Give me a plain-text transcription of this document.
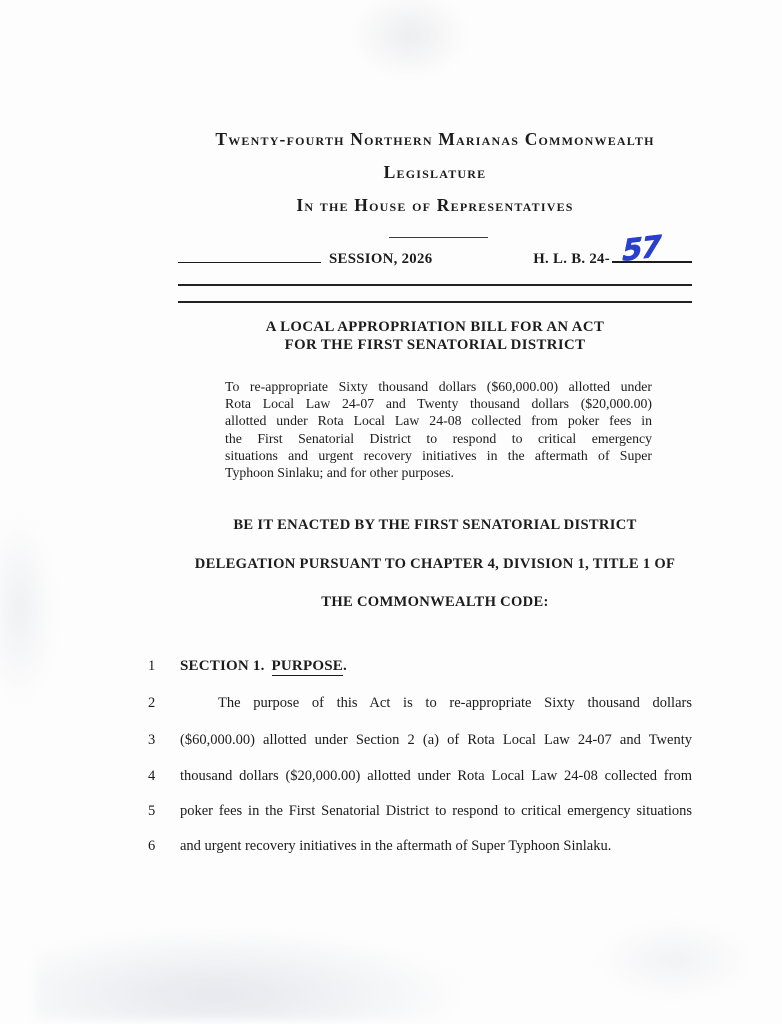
Twenty-fourth Northern Marianas Commonwealth
Legislature
In the House of Representatives
SESSION, 2026	H. L. B. 24- 57
A LOCAL APPROPRIATION BILL FOR AN ACT
FOR THE FIRST SENATORIAL DISTRICT
To re-appropriate Sixty thousand dollars ($60,000.00) allotted under
Rota Local Law 24-07 and Twenty thousand dollars ($20,000.00)
allotted under Rota Local Law 24-08 collected from poker fees in
the First Senatorial District to respond to critical emergency
situations and urgent recovery initiatives in the aftermath of Super
Typhoon Sinlaku; and for other purposes.
BE IT ENACTED BY THE FIRST SENATORIAL DISTRICT
DELEGATION PURSUANT TO CHAPTER 4, DIVISION 1, TITLE 1 OF
THE COMMONWEALTH CODE:
1	SECTION 1. PURPOSE.
2	The purpose of this Act is to re-appropriate Sixty thousand dollars
3	($60,000.00) allotted under Section 2 (a) of Rota Local Law 24-07 and Twenty
4	thousand dollars ($20,000.00) allotted under Rota Local Law 24-08 collected from
5	poker fees in the First Senatorial District to respond to critical emergency situations
6	and urgent recovery initiatives in the aftermath of Super Typhoon Sinlaku.
